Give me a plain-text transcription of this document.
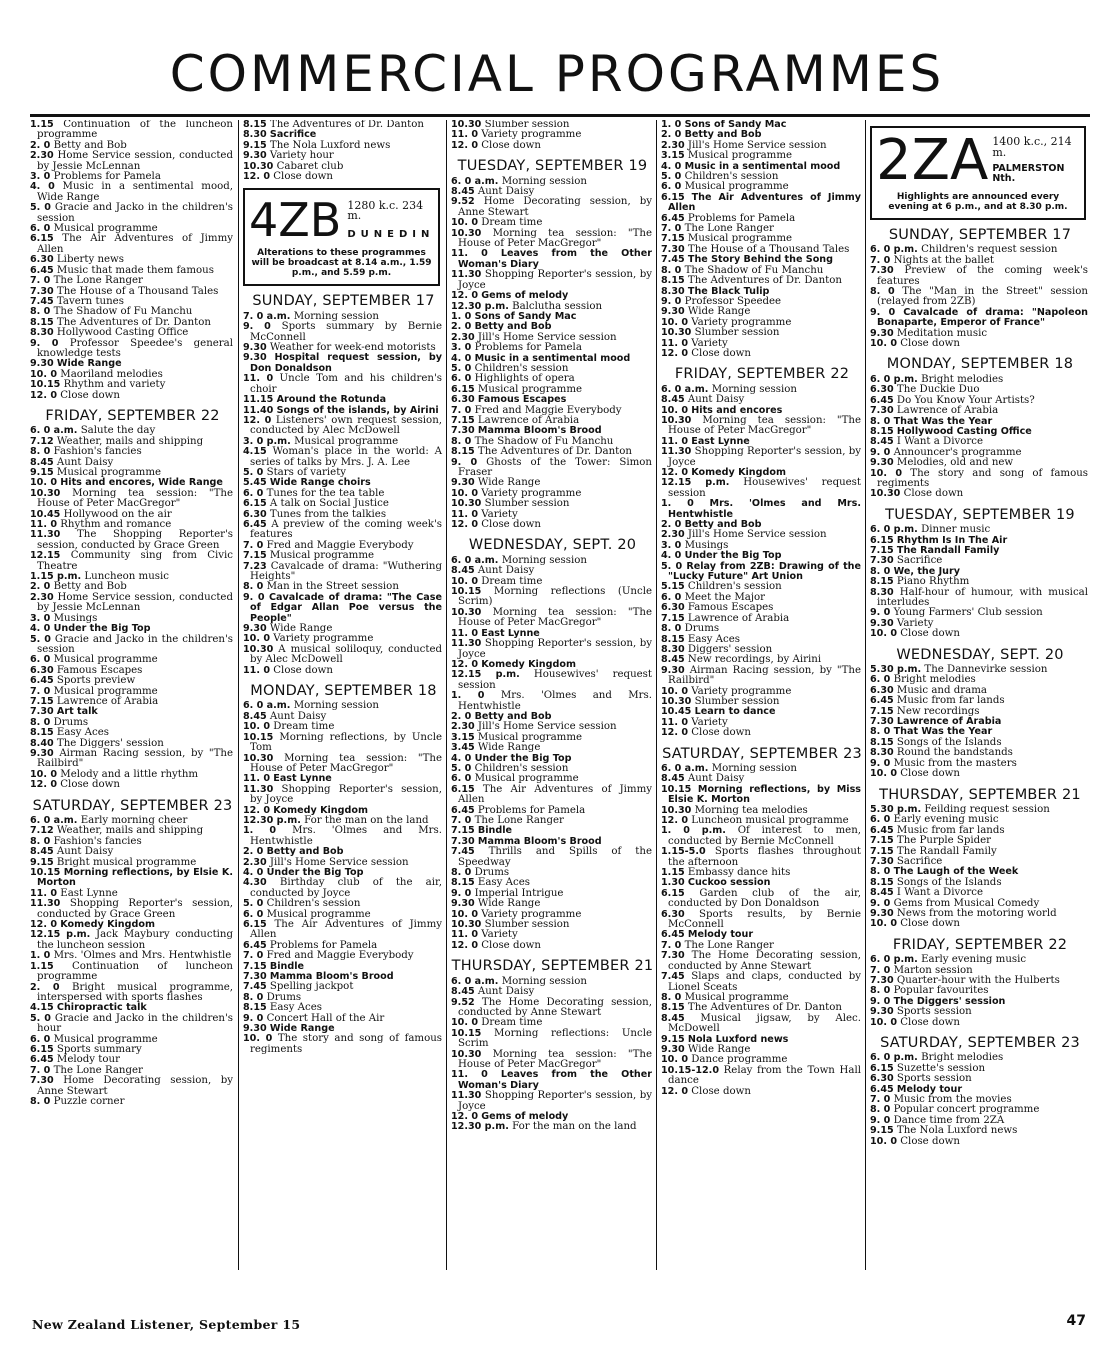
COMMERCIAL PROGRAMMES
1.15 Continuation of the luncheon programme
2. 0 Betty and Bob
2.30 Home Service session, conducted by Jessie McLennan
3. 0 Problems for Pamela
4. 0 Music in a sentimental mood, Wide Range
5. 0 Gracie and Jacko in the children's session
6. 0 Musical programme
6.15 The Air Adventures of Jimmy Allen
6.30 Liberty news
6.45 Music that made them famous
7. 0 The Lone Ranger
7.30 The House of a Thousand Tales
7.45 Tavern tunes
8. 0 The Shadow of Fu Manchu
8.15 The Adventures of Dr. Danton
8.30 Hollywood Casting Office
9. 0 Professor Speedee's general knowledge tests
9.30 Wide Range
10. 0 Maoriland melodies
10.15 Rhythm and variety
12. 0 Close down
FRIDAY, SEPTEMBER 22
6. 0 a.m. Salute the day
7.12 Weather, mails and shipping
8. 0 Fashion's fancies
8.45 Aunt Daisy
9.15 Musical programme
10. 0 Hits and encores, Wide Range
10.30 Morning tea session: "The House of Peter MacGregor"
10.45 Hollywood on the air
11. 0 Rhythm and romance
11.30 The Shopping Reporter's session, conducted by Grace Green
12.15 Community sing from Civic Theatre
1.15 p.m. Luncheon music
2. 0 Betty and Bob
2.30 Home Service session, conducted by Jessie McLennan
3. 0 Musings
4. 0 Under the Big Top
5. 0 Gracie and Jacko in the children's session
6. 0 Musical programme
6.30 Famous Escapes
6.45 Sports preview
7. 0 Musical programme
7.15 Lawrence of Arabia
7.30 Art talk
8. 0 Drums
8.15 Easy Aces
8.40 The Diggers' session
9.30 Airman Racing session, by "The Railbird"
10. 0 Melody and a little rhythm
12. 0 Close down
SATURDAY, SEPTEMBER 23
6. 0 a.m. Early morning cheer
7.12 Weather, mails and shipping
8. 0 Fashion's fancies
8.45 Aunt Daisy
9.15 Bright musical programme
10.15 Morning reflections, by Elsie K. Morton
11. 0 East Lynne
11.30 Shopping Reporter's session, conducted by Grace Green
12. 0 Komedy Kingdom
12.15 p.m. Jack Maybury conducting the luncheon session
1. 0 Mrs. 'Olmes and Mrs. Hentwhistle
1.15 Continuation of luncheon programme
2. 0 Bright musical programme, interspersed with sports flashes
4.15 Chiropractic talk
5. 0 Gracie and Jacko in the children's hour
6. 0 Musical programme
6.15 Sports summary
6.45 Melody tour
7. 0 The Lone Ranger
7.30 Home Decorating session, by Anne Stewart
8. 0 Puzzle corner
8.15 The Adventures of Dr. Danton
8.30 Sacrifice
9.15 The Nola Luxford news
9.30 Variety hour
10.30 Cabaret club
12. 0 Close down
4ZB 1280 k.c. 234 m.
DUNEDIN
Alterations to these programmes will be broadcast at 8.14 a.m., 1.59 p.m., and 5.59 p.m.
SUNDAY, SEPTEMBER 17
7. 0 a.m. Morning session
9. 0 Sports summary by Bernie McConnell
9.30 Weather for week-end motorists
9.30 Hospital request session, by Don Donaldson
11. 0 Uncle Tom and his children's choir
11.15 Around the Rotunda
11.40 Songs of the islands, by Airini
12. 0 Listeners' own request session, conducted by Alec McDowell
3. 0 p.m. Musical programme
4.15 Woman's place in the world: A series of talks by Mrs. J. A. Lee
5. 0 Stars of variety
5.45 Wide Range choirs
6. 0 Tunes for the tea table
6.15 A talk on Social Justice
6.30 Tunes from the talkies
6.45 A preview of the coming week's features
7. 0 Fred and Maggie Everybody
7.15 Musical programme
7.23 Cavalcade of drama: "Wuthering Heights"
8. 0 Man in the Street session
9. 0 Cavalcade of drama: "The Case of Edgar Allan Poe versus the People"
9.30 Wide Range
10. 0 Variety programme
10.30 A musical soliloquy, conducted by Alec McDowell
11. 0 Close down
MONDAY, SEPTEMBER 18
6. 0 a.m. Morning session
8.45 Aunt Daisy
10. 0 Dream time
10.15 Morning reflections, by Uncle Tom
10.30 Morning tea session: "The House of Peter MacGregor"
11. 0 East Lynne
11.30 Shopping Reporter's session, by Joyce
12. 0 Komedy Kingdom
12.30 p.m. For the man on the land
1. 0 Mrs. 'Olmes and Mrs. Hentwhistle
2. 0 Betty and Bob
2.30 Jill's Home Service session
4. 0 Under the Big Top
4.30 Birthday club of the air, conducted by Joyce
5. 0 Children's session
6. 0 Musical programme
6.15 The Air Adventures of Jimmy Allen
6.45 Problems for Pamela
7. 0 Fred and Maggie Everybody
7.15 Bindle
7.30 Mamma Bloom's Brood
7.45 Spelling jackpot
8. 0 Drums
8.15 Easy Aces
9. 0 Concert Hall of the Air
9.30 Wide Range
10. 0 The story and song of famous regiments
10.30 Slumber session
11. 0 Variety programme
12. 0 Close down
TUESDAY, SEPTEMBER 19
6. 0 a.m. Morning session
8.45 Aunt Daisy
9.52 Home Decorating session, by Anne Stewart
10. 0 Dream time
10.30 Morning tea session: "The House of Peter MacGregor"
11. 0 Leaves from the Other Woman's Diary
11.30 Shopping Reporter's session, by Joyce
12. 0 Gems of melody
12.30 p.m. Balclutha session
1. 0 Sons of Sandy Mac
2. 0 Betty and Bob
2.30 Jill's Home Service session
3. 0 Problems for Pamela
4. 0 Music in a sentimental mood
5. 0 Children's session
6. 0 Highlights of opera
6.15 Musical programme
6.30 Famous Escapes
7. 0 Fred and Maggie Everybody
7.15 Lawrence of Arabia
7.30 Mamma Bloom's Brood
8. 0 The Shadow of Fu Manchu
8.15 The Adventures of Dr. Danton
9. 0 Ghosts of the Tower: Simon Fraser
9.30 Wide Range
10. 0 Variety programme
10.30 Slumber session
11. 0 Variety
12. 0 Close down
WEDNESDAY, SEPT. 20
6. 0 a.m. Morning session
8.45 Aunt Daisy
10. 0 Dream time
10.15 Morning reflections (Uncle Scrim)
10.30 Morning tea session: "The House of Peter MacGregor"
11. 0 East Lynne
11.30 Shopping Reporter's session, by Joyce
12. 0 Komedy Kingdom
12.15 p.m. Housewives' request session
1. 0 Mrs. 'Olmes and Mrs. Hentwhistle
2. 0 Betty and Bob
2.30 Jill's Home Service session
3.15 Musical programme
3.45 Wide Range
4. 0 Under the Big Top
5. 0 Children's session
6. 0 Musical programme
6.15 The Air Adventures of Jimmy Allen
6.45 Problems for Pamela
7. 0 The Lone Ranger
7.15 Bindle
7.30 Mamma Bloom's Brood
7.45 Thrills and Spills of the Speedway
8. 0 Drums
8.15 Easy Aces
9. 0 Imperial Intrigue
9.30 Wide Range
10. 0 Variety programme
10.30 Slumber session
11. 0 Variety
12. 0 Close down
THURSDAY, SEPTEMBER 21
6. 0 a.m. Morning session
8.45 Aunt Daisy
9.52 The Home Decorating session, conducted by Anne Stewart
10. 0 Dream time
10.15 Morning reflections: Uncle Scrim
10.30 Morning tea session: "The House of Peter MacGregor"
11. 0 Leaves from the Other Woman's Diary
11.30 Shopping Reporter's session, by Joyce
12. 0 Gems of melody
12.30 p.m. For the man on the land
1. 0 Sons of Sandy Mac
2. 0 Betty and Bob
2.30 Jill's Home Service session
3.15 Musical programme
4. 0 Music in a sentimental mood
5. 0 Children's session
6. 0 Musical programme
6.15 The Air Adventures of Jimmy Allen
6.45 Problems for Pamela
7. 0 The Lone Ranger
7.15 Musical programme
7.30 The House of a Thousand Tales
7.45 The Story Behind the Song
8. 0 The Shadow of Fu Manchu
8.15 The Adventures of Dr. Danton
8.30 The Black Tulip
9. 0 Professor Speedee
9.30 Wide Range
10. 0 Variety programme
10.30 Slumber session
11. 0 Variety
12. 0 Close down
FRIDAY, SEPTEMBER 22
6. 0 a.m. Morning session
8.45 Aunt Daisy
10. 0 Hits and encores
10.30 Morning tea session: "The House of Peter MacGregor"
11. 0 East Lynne
11.30 Shopping Reporter's session, by Joyce
12. 0 Komedy Kingdom
12.15 p.m. Housewives' request session
1. 0 Mrs. 'Olmes and Mrs. Hentwhistle
2. 0 Betty and Bob
2.30 Jill's Home Service session
3. 0 Musings
4. 0 Under the Big Top
5. 0 Relay from 2ZB: Drawing of the "Lucky Future" Art Union
5.15 Children's session
6. 0 Meet the Major
6.30 Famous Escapes
7.15 Lawrence of Arabia
8. 0 Drums
8.15 Easy Aces
8.30 Diggers' session
8.45 New recordings, by Airini
9.30 Airman Racing session, by "The Railbird"
10. 0 Variety programme
10.30 Slumber session
10.45 Learn to dance
11. 0 Variety
12. 0 Close down
SATURDAY, SEPTEMBER 23
6. 0 a.m. Morning session
8.45 Aunt Daisy
10.15 Morning reflections, by Miss Elsie K. Morton
10.30 Morning tea melodies
12. 0 Luncheon musical programme
1. 0 p.m. Of interest to men, conducted by Bernie McConnell
1.15-5.0 Sports flashes throughout the afternoon
1.15 Embassy dance hits
1.30 Cuckoo session
6.15 Garden club of the air, conducted by Don Donaldson
6.30 Sports results, by Bernie McConnell
6.45 Melody tour
7. 0 The Lone Ranger
7.30 The Home Decorating session, conducted by Anne Stewart
7.45 Slaps and claps, conducted by Lionel Sceats
8. 0 Musical programme
8.15 The Adventures of Dr. Danton
8.45 Musical jigsaw, by Alec. McDowell
9.15 Nola Luxford news
9.30 Wide Range
10. 0 Dance programme
10.15-12.0 Relay from the Town Hall dance
12. 0 Close down
2ZA 1400 k.c., 214 m.
PALMERSTON Nth.
Highlights are announced every evening at 6 p.m., and at 8.30 p.m.
SUNDAY, SEPTEMBER 17
6. 0 p.m. Children's request session
7. 0 Nights at the ballet
7.30 Preview of the coming week's features
8. 0 The "Man in the Street" session (relayed from 2ZB)
9. 0 Cavalcade of drama: "Napoleon Bonaparte, Emperor of France"
9.30 Meditation music
10. 0 Close down
MONDAY, SEPTEMBER 18
6. 0 p.m. Bright melodies
6.30 The Duckie Duo
6.45 Do You Know Your Artists?
7.30 Lawrence of Arabia
8. 0 That Was the Year
8.15 Hollywood Casting Office
8.45 I Want a Divorce
9. 0 Announcer's programme
9.30 Melodies, old and new
10. 0 The story and song of famous regiments
10.30 Close down
TUESDAY, SEPTEMBER 19
6. 0 p.m. Dinner music
6.15 Rhythm Is In The Air
7.15 The Randall Family
7.30 Sacrifice
8. 0 We, the Jury
8.15 Piano Rhythm
8.30 Half-hour of humour, with musical interludes
9. 0 Young Farmers' Club session
9.30 Variety
10. 0 Close down
WEDNESDAY, SEPT. 20
5.30 p.m. The Dannevirke session
6. 0 Bright melodies
6.30 Music and drama
6.45 Music from far lands
7.15 New recordings
7.30 Lawrence of Arabia
8. 0 That Was the Year
8.15 Songs of the Islands
8.30 Round the bandstands
9. 0 Music from the masters
10. 0 Close down
THURSDAY, SEPTEMBER 21
5.30 p.m. Feilding request session
6. 0 Early evening music
6.45 Music from far lands
7.15 The Purple Spider
7.15 The Randall Family
7.30 Sacrifice
8. 0 The Laugh of the Week
8.15 Songs of the Islands
8.45 I Want a Divorce
9. 0 Gems from Musical Comedy
9.30 News from the motoring world
10. 0 Close down
FRIDAY, SEPTEMBER 22
6. 0 p.m. Early evening music
7. 0 Marton session
7.30 Quarter-hour with the Hulberts
8. 0 Popular favourites
9. 0 The Diggers' session
9.30 Sports session
10. 0 Close down
SATURDAY, SEPTEMBER 23
6. 0 p.m. Bright melodies
6.15 Suzette's session
6.30 Sports session
6.45 Melody tour
7. 0 Music from the movies
8. 0 Popular concert programme
9. 0 Dance time from 2ZA
9.15 The Nola Luxford news
10. 0 Close down
New Zealand Listener, September 15	47
